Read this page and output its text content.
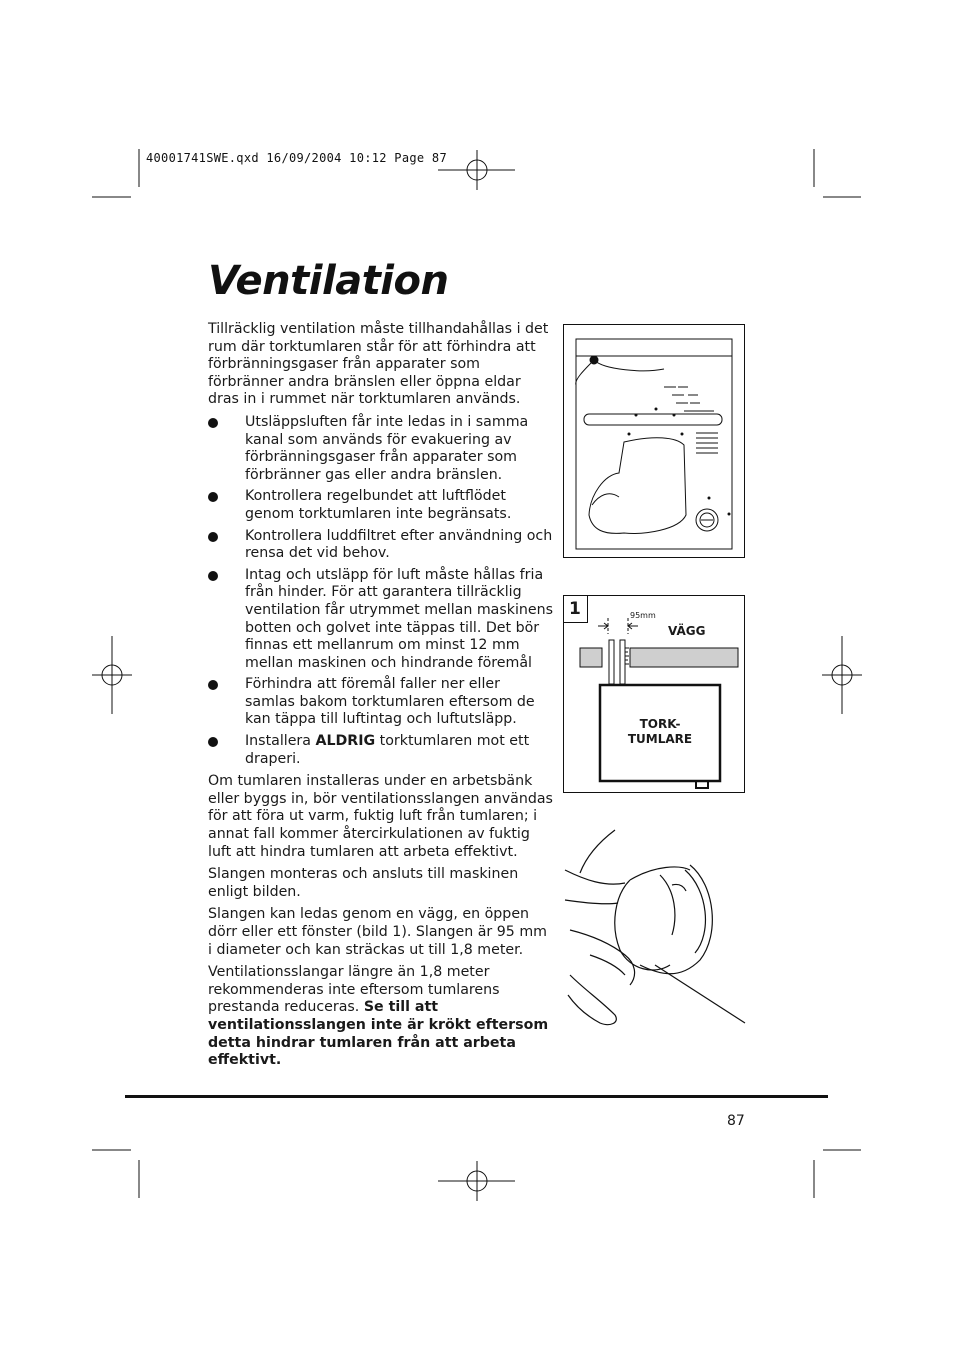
40001741SWE.qxd 16/09/2004 10:12 Page 87
Ventilation

Tillräcklig ventilation måste tillhandahållas i det rum där torktumlaren står för att förhindra att förbränningsgaser från apparater som förbränner andra bränslen eller öppna eldar dras in i rummet när torktumlaren används.

Utsläppsluften får inte ledas in i samma kanal som används för evakuering av förbränningsgaser från apparater som förbränner gas eller andra bränslen.
Kontrollera regelbundet att luftflödet genom torktumlaren inte begränsats.
Kontrollera luddfiltret efter användning och rensa det vid behov.
Intag och utsläpp för luft måste hållas fria från hinder. För att garantera tillräcklig ventilation får utrymmet mellan maskinens botten och golvet inte täppas till. Det bör finnas ett mellanrum om minst 12 mm mellan maskinen och hindrande föremål
Förhindra att föremål faller ner eller samlas bakom torktumlaren eftersom de kan täppa till luftintag och luftutsläpp.
Installera ALDRIG torktumlaren mot ett draperi.

Om tumlaren installeras under en arbetsbänk eller byggs in, bör ventilationsslangen användas för att föra ut varm, fuktig luft från tumlaren; i annat fall kommer återcirkulationen av fuktig luft att hindra tumlaren att arbeta effektivt.

Slangen monteras och ansluts till maskinen enligt bilden.

Slangen kan ledas genom en vägg, en öppen dörr eller ett fönster (bild 1). Slangen är 95 mm i diameter och kan sträckas ut till 1,8 meter.

Ventilationsslangar längre än 1,8 meter rekommenderas inte eftersom tumlarens prestanda reduceras. Se till att ventilationsslangen inte är krökt eftersom detta hindrar tumlaren från att arbeta effektivt.

1	95mm
VÄGG
TORK-
TUMLARE
87
